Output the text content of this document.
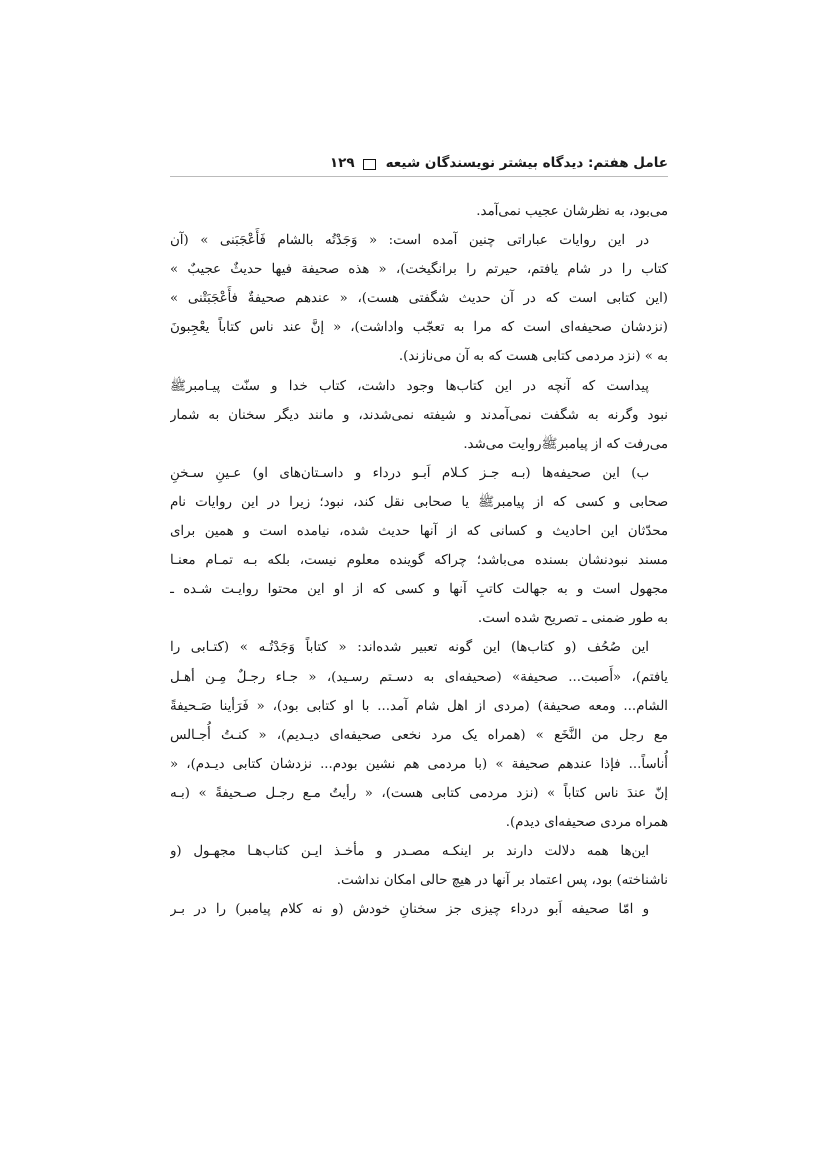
عامل هفتم: دیدگاه بیشتر نویسندگان شیعه
۱۲۹
می‌بود، به نظرشان عجیب نمی‌آمد.
در این روایات عباراتی چنین آمده است: « وَجَدْتُه بالشام فَأَعْجَبَنی » (آن
کتاب را در شام یافتم، حیرتم را برانگیخت)، « هذه صحیفة فیها حدیثٌ عجیبٌ »
(این کتابی است که در آن حدیث شگفتی هست)، « عندهم صحیفةٌ فأَعْجَبَتْنی »
(نزدشان صحیفه‌ای است که مرا به تعجّب واداشت)، « إنَّ عند ناس کتاباً یعْجِبونَ
به » (نزد مردمی کتابی هست که به آن می‌نازند).
پیداست که آنچه در این کتاب‌ها وجود داشت، کتاب خدا و سنّت پیـامبرﷺ
نبود وگرنه به شگفت نمی‌آمدند و شیفته نمی‌شدند، و مانند دیگر سخنان به شمار
می‌رفت که از پیامبرﷺروایت می‌شد.
ب) این صحیفه‌ها (بـه جـز کـلام اَبـو درداء و داسـتان‌های او) عـینِ سـخنِ
صحابی و کسی که از پیامبرﷺ یا صحابی نقل کند، نبود؛ زیرا در این روایات نام
محدّثان این احادیث و کسانی که از آنها حدیث شده، نیامده است و همین برای
مسند نبودنشان بسنده می‌باشد؛ چراکه گوینده معلوم نیست، بلکه بـه تمـام معنـا
مجهول است و به جهالت کاتبِ آنها و کسی که از او این محتوا روایـت شـده ـ
به طور ضمنی ـ تصریح شده است.
این صُحُف (و کتاب‌ها) این گونه تعبیر شده‌اند: « کتاباً وَجَدْتُـه » (کتـابی را
یافتم)، «أَصبت... صحیفة» (صحیفه‌ای به دسـتم رسـید)، « جـاء رجـلٌ مِـن أهـل
الشام... ومعه صحیفة) (مردی از اهل شام آمد... با او کتابی بود)، « فَرَأینا صَـحیفةً
مع رجل من النَّخَع » (همراه یک مرد نخعی صحیفه‌ای دیـدیم)، « کنـتُ أُجـالس
أُناساً... فإذا عندهم صحیفة » (با مردمی هم نشین بودم... نزدشان کتابی دیـدم)، «
إنّ عندَ ناس کتاباً » (نزد مردمی کتابی هست)، « رأیتُ مـع رجـل صـحیفةً » (بـه
همراه مردی صحیفه‌ای دیدم).
این‌ها همه دلالت دارند بر اینکـه مصـدر و مأخـذ ایـن کتاب‌هـا مجهـول (و
ناشناخته) بود، پس اعتماد بر آنها در هیچ حالی امکان نداشت.
و امّا صحیفه اَبو درداء چیزی جز سخنانِ خودش (و نه کلام پیامبر) را در بـر
